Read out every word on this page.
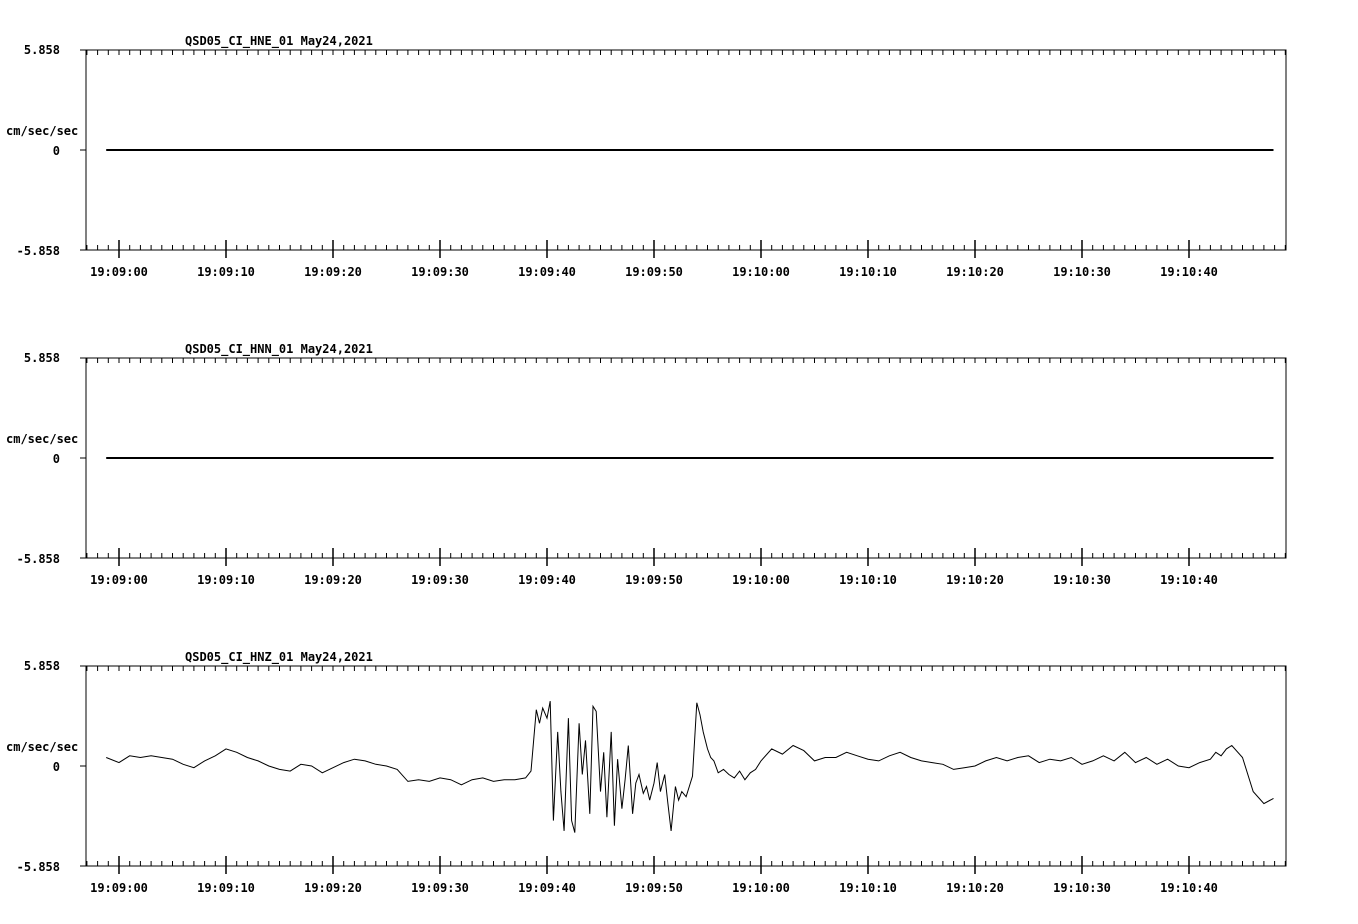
QSD05_CI_HNE_01 May24,2021
cm/sec/sec
5.858
0
-5.858
19:09:00	19:09:10	19:09:20	19:09:30	19:09:40	19:09:50	19:10:00	19:10:10	19:10:20	19:10:30	19:10:40
QSD05_CI_HNN_01 May24,2021
cm/sec/sec
5.858
0
-5.858
19:09:00	19:09:10	19:09:20	19:09:30	19:09:40	19:09:50	19:10:00	19:10:10	19:10:20	19:10:30	19:10:40
QSD05_CI_HNZ_01 May24,2021
cm/sec/sec
5.858
0
-5.858
19:09:00	19:09:10	19:09:20	19:09:30	19:09:40	19:09:50	19:10:00	19:10:10	19:10:20	19:10:30	19:10:40
